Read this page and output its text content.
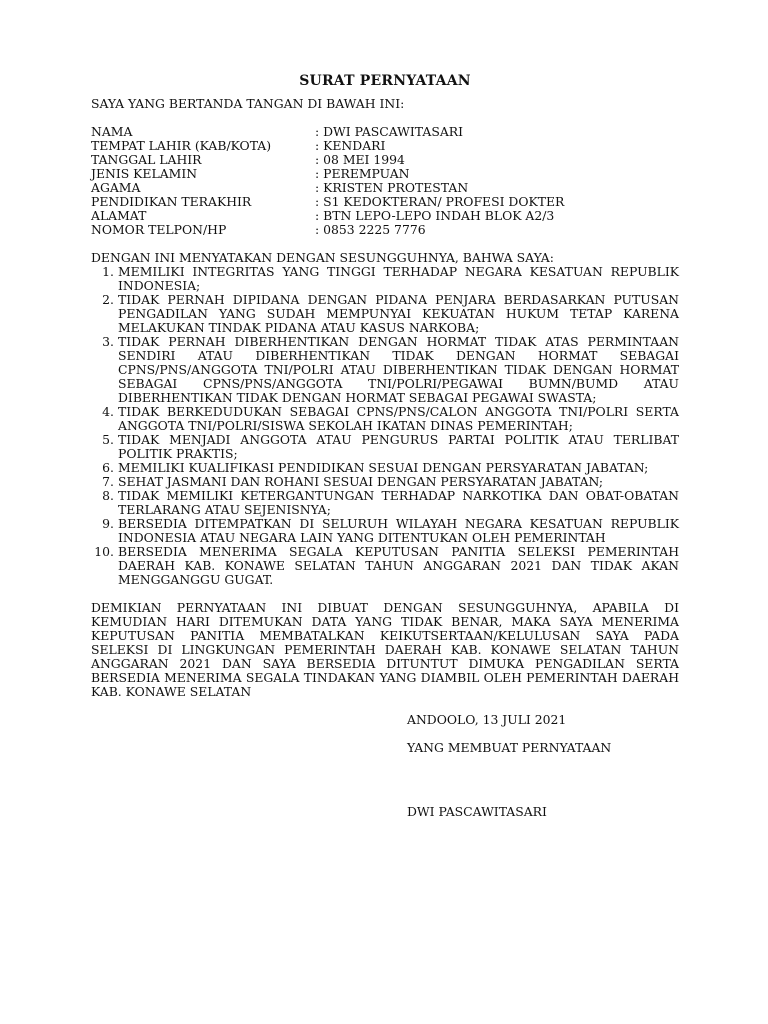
SURAT PERNYATAAN
SAYA YANG BERTANDA TANGAN DI BAWAH INI:
NAMA	: DWI PASCAWITASARI
TEMPAT LAHIR (KAB/KOTA)	: KENDARI
TANGGAL LAHIR	: 08 MEI 1994
JENIS KELAMIN	: PEREMPUAN
AGAMA	: KRISTEN PROTESTAN
PENDIDIKAN TERAKHIR	: S1 KEDOKTERAN/ PROFESI DOKTER
ALAMAT	: BTN LEPO-LEPO INDAH BLOK A2/3
NOMOR TELPON/HP	: 0853 2225 7776
DENGAN INI MENYATAKAN DENGAN SESUNGGUHNYA, BAHWA SAYA:
1. MEMILIKI INTEGRITAS YANG TINGGI TERHADAP NEGARA KESATUAN REPUBLIK INDONESIA;
2. TIDAK PERNAH DIPIDANA DENGAN PIDANA PENJARA BERDASARKAN PUTUSAN PENGADILAN YANG SUDAH MEMPUNYAI KEKUATAN HUKUM TETAP KARENA MELAKUKAN TINDAK PIDANA ATAU KASUS NARKOBA;
3. TIDAK PERNAH DIBERHENTIKAN DENGAN HORMAT TIDAK ATAS PERMINTAAN SENDIRI ATAU DIBERHENTIKAN TIDAK DENGAN HORMAT SEBAGAI CPNS/PNS/ANGGOTA TNI/POLRI ATAU DIBERHENTIKAN TIDAK DENGAN HORMAT SEBAGAI CPNS/PNS/ANGGOTA TNI/POLRI/PEGAWAI BUMN/BUMD ATAU DIBERHENTIKAN TIDAK DENGAN HORMAT SEBAGAI PEGAWAI SWASTA;
4. TIDAK BERKEDUDUKAN SEBAGAI CPNS/PNS/CALON ANGGOTA TNI/POLRI SERTA ANGGOTA TNI/POLRI/SISWA SEKOLAH IKATAN DINAS PEMERINTAH;
5. TIDAK MENJADI ANGGOTA ATAU PENGURUS PARTAI POLITIK ATAU TERLIBAT POLITIK PRAKTIS;
6. MEMILIKI KUALIFIKASI PENDIDIKAN SESUAI DENGAN PERSYARATAN JABATAN;
7. SEHAT JASMANI DAN ROHANI SESUAI DENGAN PERSYARATAN JABATAN;
8. TIDAK MEMILIKI KETERGANTUNGAN TERHADAP NARKOTIKA DAN OBAT-OBATAN TERLARANG ATAU SEJENISNYA;
9. BERSEDIA DITEMPATKAN DI SELURUH WILAYAH NEGARA KESATUAN REPUBLIK INDONESIA ATAU NEGARA LAIN YANG DITENTUKAN OLEH PEMERINTAH
10. BERSEDIA MENERIMA SEGALA KEPUTUSAN PANITIA SELEKSI PEMERINTAH DAERAH KAB. KONAWE SELATAN TAHUN ANGGARAN 2021 DAN TIDAK AKAN MENGGANGGU GUGAT.
DEMIKIAN PERNYATAAN INI DIBUAT DENGAN SESUNGGUHNYA, APABILA DI KEMUDIAN HARI DITEMUKAN DATA YANG TIDAK BENAR, MAKA SAYA MENERIMA KEPUTUSAN PANITIA MEMBATALKAN KEIKUTSERTAAN/KELULUSAN SAYA PADA SELEKSI DI LINGKUNGAN PEMERINTAH DAERAH KAB. KONAWE SELATAN TAHUN ANGGARAN 2021 DAN SAYA BERSEDIA DITUNTUT DIMUKA PENGADILAN SERTA BERSEDIA MENERIMA SEGALA TINDAKAN YANG DIAMBIL OLEH PEMERINTAH DAERAH KAB. KONAWE SELATAN
ANDOOLO, 13 JULI 2021
YANG MEMBUAT PERNYATAAN
DWI PASCAWITASARI
